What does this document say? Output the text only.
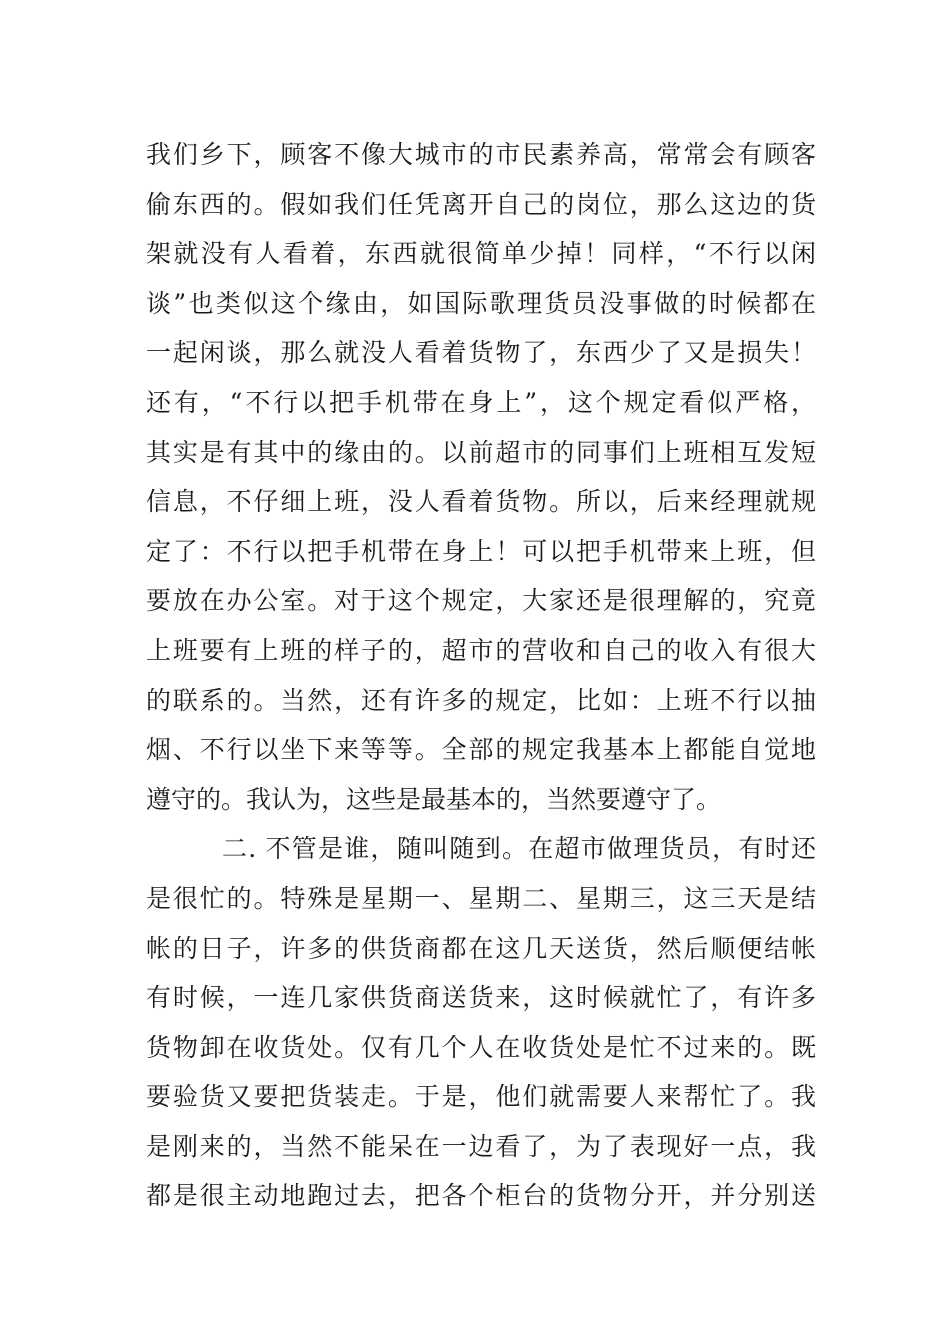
我们乡下，顾客不像大城市的市民素养高，常常会有顾客
偷东西的。假如我们任凭离开自己的岗位，那么这边的货
架就没有人看着，东西就很简单少掉！同样，“不行以闲
谈”也类似这个缘由，如国际歌理货员没事做的时候都在
一起闲谈，那么就没人看着货物了，东西少了又是损失！
还有，“不行以把手机带在身上”，这个规定看似严格，
其实是有其中的缘由的。以前超市的同事们上班相互发短
信息，不仔细上班，没人看着货物。所以，后来经理就规
定了：不行以把手机带在身上！可以把手机带来上班，但
要放在办公室。对于这个规定，大家还是很理解的，究竟
上班要有上班的样子的，超市的营收和自己的收入有很大
的联系的。当然，还有许多的规定，比如：上班不行以抽
烟、不行以坐下来等等。全部的规定我基本上都能自觉地
遵守的。我认为，这些是最基本的，当然要遵守了。
二. 不管是谁，随叫随到。在超市做理货员，有时还
是很忙的。特殊是星期一、星期二、星期三，这三天是结
帐的日子，许多的供货商都在这几天送货，然后顺便结帐
有时候，一连几家供货商送货来，这时候就忙了，有许多
货物卸在收货处。仅有几个人在收货处是忙不过来的。既
要验货又要把货装走。于是，他们就需要人来帮忙了。我
是刚来的，当然不能呆在一边看了，为了表现好一点，我
都是很主动地跑过去，把各个柜台的货物分开，并分别送
